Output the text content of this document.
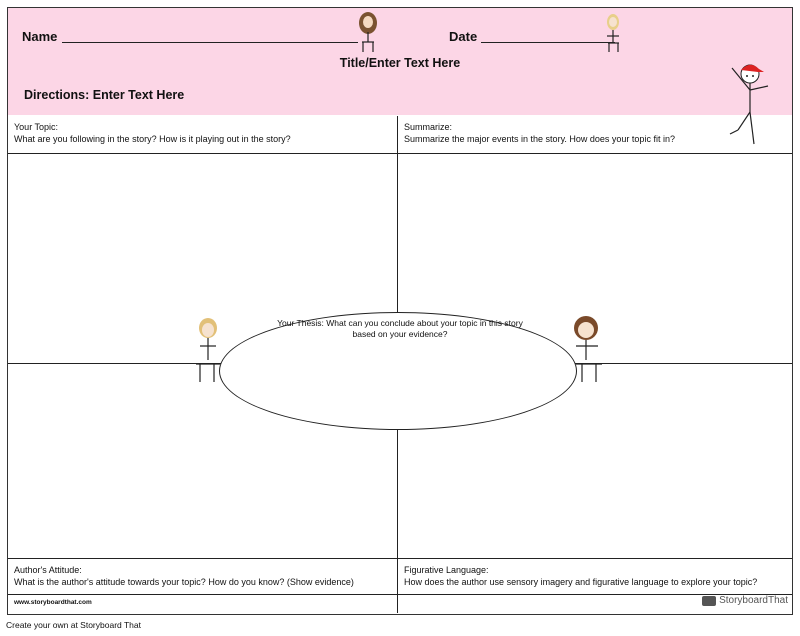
Name	Date
Title/Enter Text Here
Directions: Enter Text Here
Your Topic:
What are you following in the story? How is it playing out in the story?
Summarize:
Summarize the major events in the story. How does your topic fit in?
Author's Attitude:
What is the author's attitude towards your topic? How do you know? (Show evidence)
Figurative Language:
How does the author use sensory imagery and figurative language to explore your topic?
Your Thesis: What can you conclude about your topic in this story based on your evidence?
www.storyboardthat.com	StoryboardThat
Create your own at Storyboard That
